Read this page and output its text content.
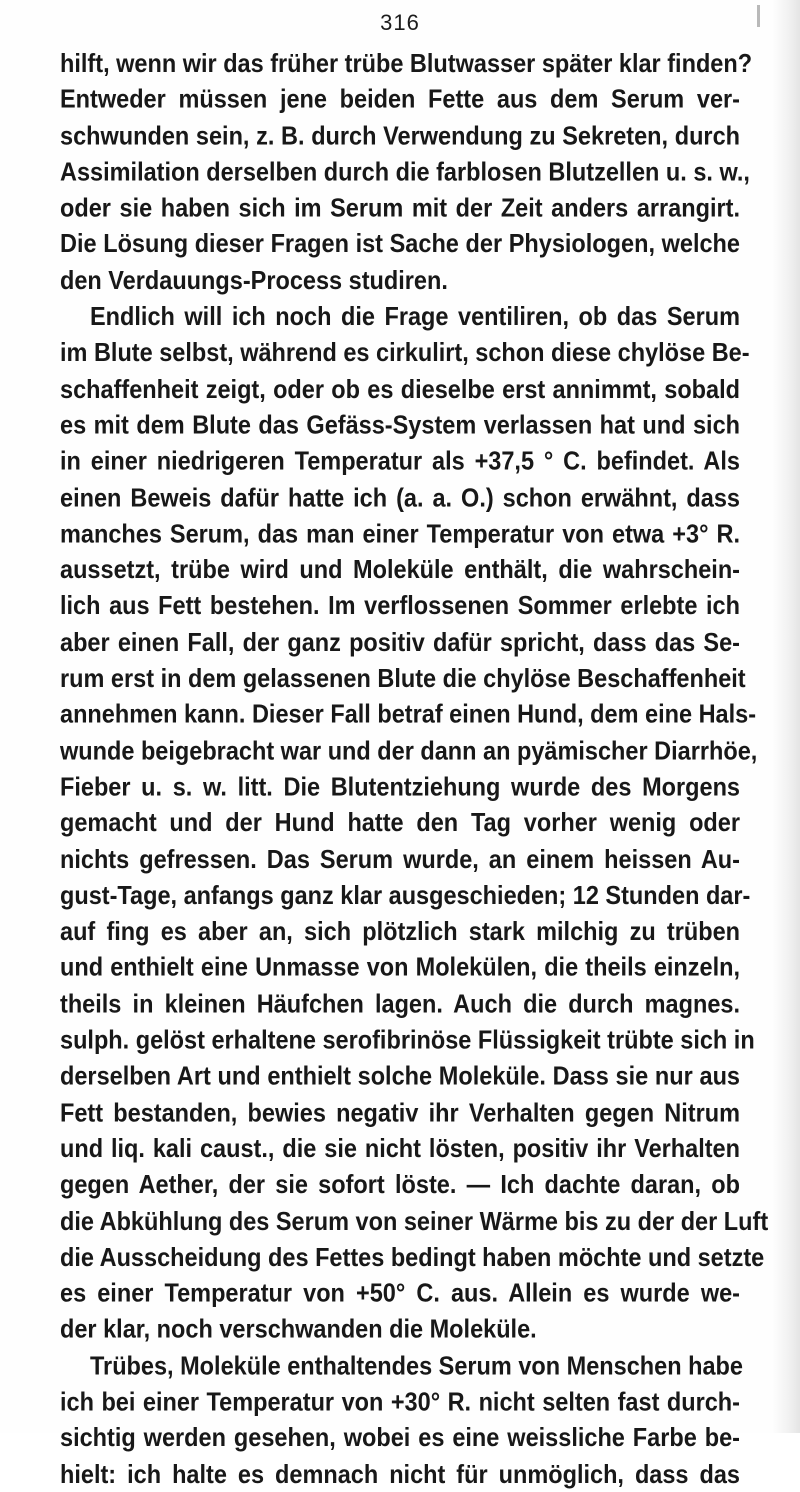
316
hilft, wenn wir das früher trübe Blutwasser später klar finden?
Entweder müssen jene beiden Fette aus dem Serum ver-
schwunden sein, z. B. durch Verwendung zu Sekreten, durch
Assimilation derselben durch die farblosen Blutzellen u. s. w.,
oder sie haben sich im Serum mit der Zeit anders arrangirt.
Die Lösung dieser Fragen ist Sache der Physiologen, welche
den Verdauungs-Process studiren.
Endlich will ich noch die Frage ventiliren, ob das Serum
im Blute selbst, während es cirkulirt, schon diese chylöse Be-
schaffenheit zeigt, oder ob es dieselbe erst annimmt, sobald
es mit dem Blute das Gefäss-System verlassen hat und sich
in einer niedrigeren Temperatur als +37,5 ° C. befindet. Als
einen Beweis dafür hatte ich (a. a. O.) schon erwähnt, dass
manches Serum, das man einer Temperatur von etwa +3° R.
aussetzt, trübe wird und Moleküle enthält, die wahrschein-
lich aus Fett bestehen. Im verflossenen Sommer erlebte ich
aber einen Fall, der ganz positiv dafür spricht, dass das Se-
rum erst in dem gelassenen Blute die chylöse Beschaffenheit
annehmen kann. Dieser Fall betraf einen Hund, dem eine Hals-
wunde beigebracht war und der dann an pyämischer Diarrhöe,
Fieber u. s. w. litt. Die Blutentziehung wurde des Morgens
gemacht und der Hund hatte den Tag vorher wenig oder
nichts gefressen. Das Serum wurde, an einem heissen Au-
gust-Tage, anfangs ganz klar ausgeschieden; 12 Stunden dar-
auf fing es aber an, sich plötzlich stark milchig zu trüben
und enthielt eine Unmasse von Molekülen, die theils einzeln,
theils in kleinen Häufchen lagen. Auch die durch magnes.
sulph. gelöst erhaltene serofibrinöse Flüssigkeit trübte sich in
derselben Art und enthielt solche Moleküle. Dass sie nur aus
Fett bestanden, bewies negativ ihr Verhalten gegen Nitrum
und liq. kali caust., die sie nicht lösten, positiv ihr Verhalten
gegen Aether, der sie sofort löste. — Ich dachte daran, ob
die Abkühlung des Serum von seiner Wärme bis zu der der Luft
die Ausscheidung des Fettes bedingt haben möchte und setzte
es einer Temperatur von +50° C. aus. Allein es wurde we-
der klar, noch verschwanden die Moleküle.
Trübes, Moleküle enthaltendes Serum von Menschen habe
ich bei einer Temperatur von +30° R. nicht selten fast durch-
sichtig werden gesehen, wobei es eine weissliche Farbe be-
hielt: ich halte es demnach nicht für unmöglich, dass das
